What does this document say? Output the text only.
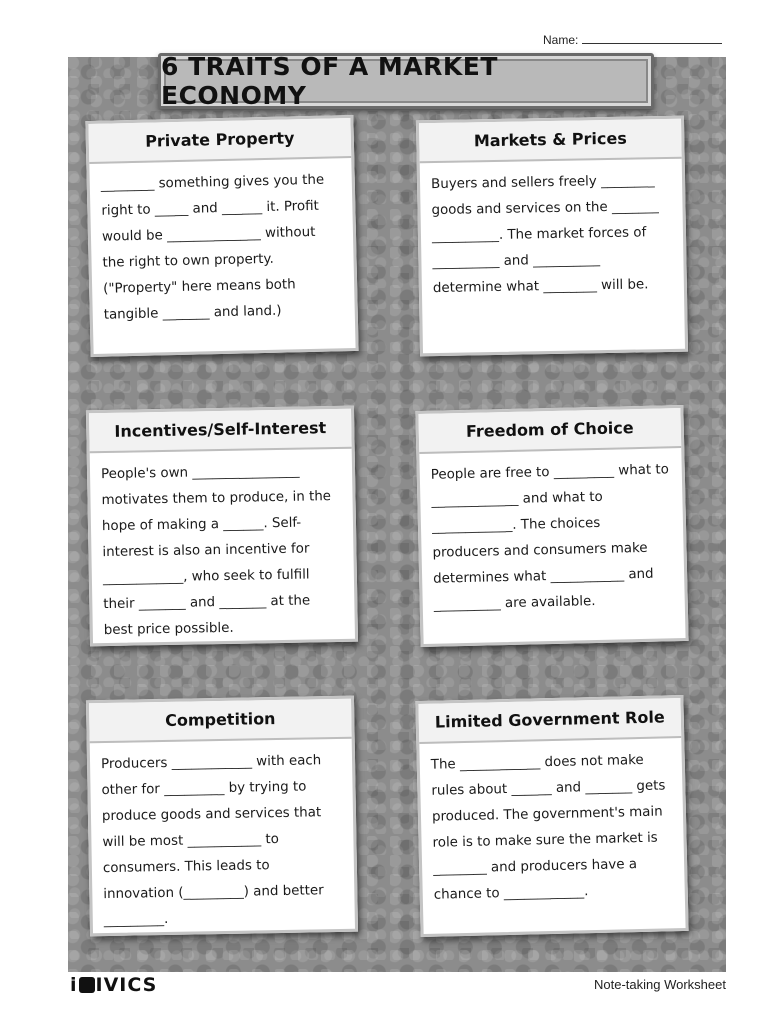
Name:
6 TRAITS OF A MARKET ECONOMY
Private Property
________ something gives you the right to _____ and ______ it. Profit would be ______________ without the right to own property. ("Property" here means both tangible _______ and land.)
Markets & Prices
Buyers and sellers freely ________ goods and services on the _______ __________. The market forces of __________ and __________ determine what ________ will be.
Incentives/Self-Interest
People's own ________________ motivates them to produce, in the hope of making a ______. Self-interest is also an incentive for ____________, who seek to fulfill their _______ and _______ at the best price possible.
Freedom of Choice
People are free to _________ what to _____________ and what to ____________. The choices producers and consumers make determines what ___________ and __________ are available.
Competition
Producers ____________ with each other for _________ by trying to produce goods and services that will be most ___________ to consumers. This leads to innovation (_________) and better _________.
Limited Government Role
The ____________ does not make rules about ______ and _______ gets produced. The government's main role is to make sure the market is ________ and producers have a chance to ____________.
i IVICS	Note-taking Worksheet
